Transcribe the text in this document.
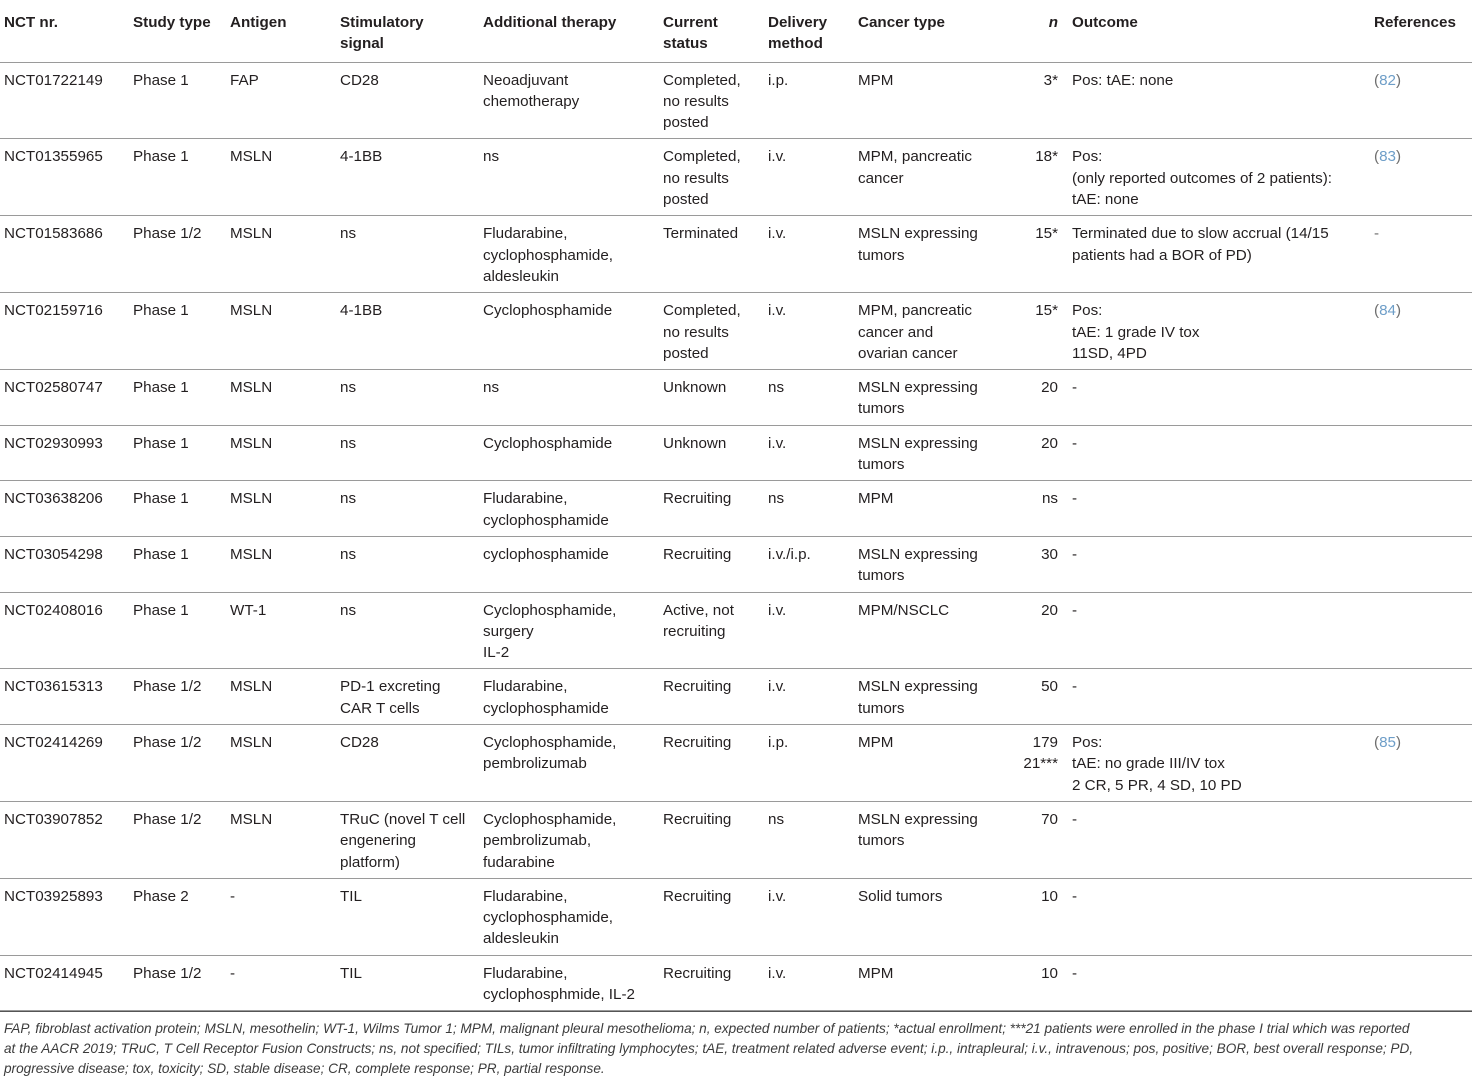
NCT nr.	Study type	Antigen	Stimulatory
signal	Additional therapy	Current
status	Delivery
method	Cancer type	n	Outcome	References
NCT01722149	Phase 1	FAP	CD28	Neoadjuvant
chemotherapy	Completed,
no results
posted	i.p.	MPM	3*	Pos: tAE: none	(82)
NCT01355965	Phase 1	MSLN	4-1BB	ns	Completed,
no results
posted	i.v.	MPM, pancreatic
cancer	18*	Pos:
(only reported outcomes of 2 patients):
tAE: none	(83)
NCT01583686	Phase 1/2	MSLN	ns	Fludarabine,
cyclophosphamide,
aldesleukin	Terminated	i.v.	MSLN expressing
tumors	15*	Terminated due to slow accrual (14/15
patients had a BOR of PD)	-
NCT02159716	Phase 1	MSLN	4-1BB	Cyclophosphamide	Completed,
no results
posted	i.v.	MPM, pancreatic
cancer and
ovarian cancer	15*	Pos:
tAE: 1 grade IV tox
11SD, 4PD	(84)
NCT02580747	Phase 1	MSLN	ns	ns	Unknown	ns	MSLN expressing
tumors	20	-	

NCT02930993	Phase 1	MSLN	ns	Cyclophosphamide	Unknown	i.v.	MSLN expressing
tumors	20	-	

NCT03638206	Phase 1	MSLN	ns	Fludarabine,
cyclophosphamide	Recruiting	ns	MPM	ns	-	

NCT03054298	Phase 1	MSLN	ns	cyclophosphamide	Recruiting	i.v./i.p.	MSLN expressing
tumors	30	-	

NCT02408016	Phase 1	WT-1	ns	Cyclophosphamide,
surgery
IL-2	Active, not
recruiting	i.v.	MPM/NSCLC	20	-	

NCT03615313	Phase 1/2	MSLN	PD-1 excreting
CAR T cells	Fludarabine,
cyclophosphamide	Recruiting	i.v.	MSLN expressing
tumors	50	-	

NCT02414269	Phase 1/2	MSLN	CD28	Cyclophosphamide,
pembrolizumab	Recruiting	i.p.	MPM	179
21***	Pos:
tAE: no grade III/IV tox
2 CR, 5 PR, 4 SD, 10 PD	(85)
NCT03907852	Phase 1/2	MSLN	TRuC (novel T cell
engenering
platform)	Cyclophosphamide,
pembrolizumab,
fudarabine	Recruiting	ns	MSLN expressing
tumors	70	-	

NCT03925893	Phase 2	-	TIL	Fludarabine,
cyclophosphamide,
aldesleukin	Recruiting	i.v.	Solid tumors	10	-	

NCT02414945	Phase 1/2	-	TIL	Fludarabine,
cyclophosphmide, IL-2	Recruiting	i.v.	MPM	10	-	

FAP, fibroblast activation protein; MSLN, mesothelin; WT-1, Wilms Tumor 1; MPM, malignant pleural mesothelioma; n, expected number of patients; *actual enrollment; ***21 patients were enrolled in the phase I trial which was reported
at the AACR 2019; TRuC, T Cell Receptor Fusion Constructs; ns, not specified; TILs, tumor infiltrating lymphocytes; tAE, treatment related adverse event; i.p., intrapleural; i.v., intravenous; pos, positive; BOR, best overall response; PD,
progressive disease; tox, toxicity; SD, stable disease; CR, complete response; PR, partial response.
